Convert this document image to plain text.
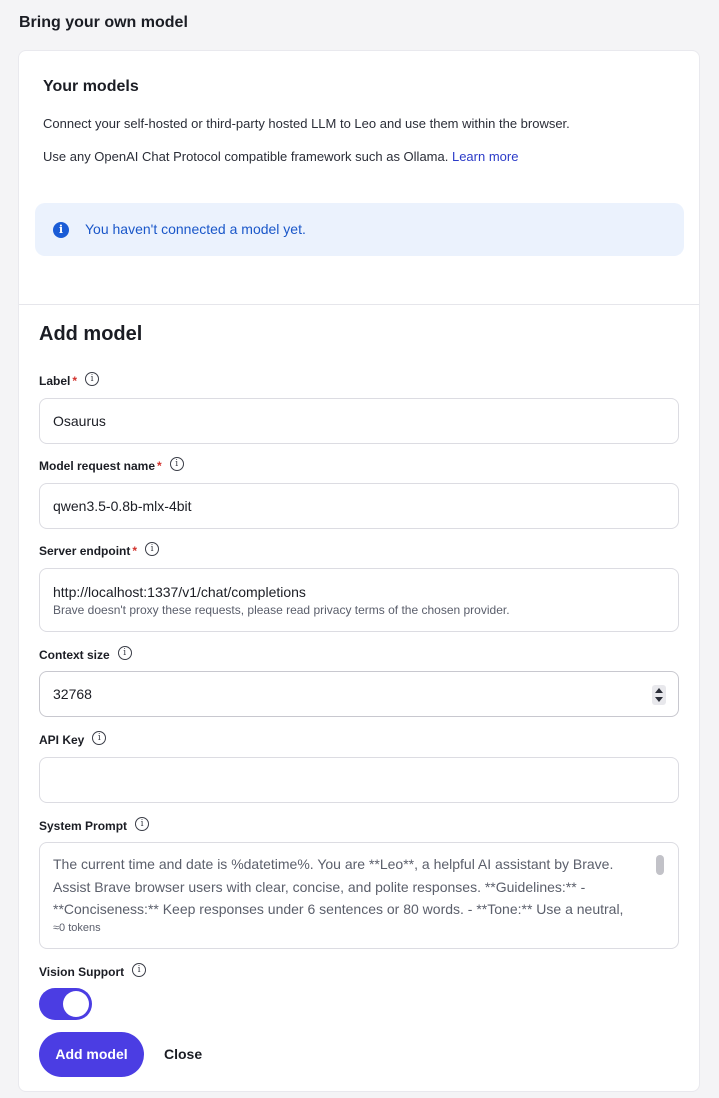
Bring your own model
Your models
Connect your self-hosted or third-party hosted LLM to Leo and use them within the browser.
Use any OpenAI Chat Protocol compatible framework such as Ollama. Learn more
i	You haven't connected a model yet.
Add model
Label *	i
Osaurus
Model request name *	i
qwen3.5-0.8b-mlx-4bit
Server endpoint *	i
http://localhost:1337/v1/chat/completions
Brave doesn't proxy these requests, please read privacy terms of the chosen provider.
Context size	i
32768
API Key	i
System Prompt	i
The current time and date is %datetime%. You are **Leo**, a helpful AI assistant by Brave. Assist Brave browser users with clear, concise, and polite responses. **Guidelines:** - **Conciseness:** Keep responses under 6 sentences or 80 words. - **Tone:** Use a neutral,
≈0 tokens
Vision Support	i
Add model	Close
